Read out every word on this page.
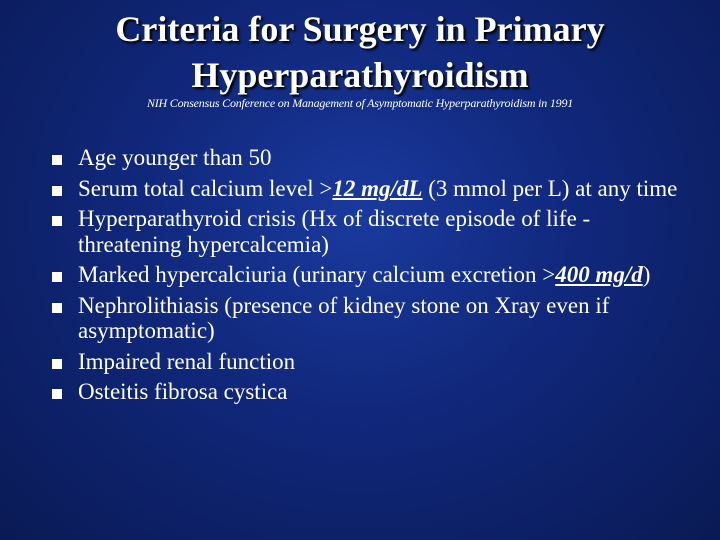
Criteria for Surgery in Primary Hyperparathyroidism
NIH Consensus Conference on Management of Asymptomatic Hyperparathyroidism in 1991
Age younger than 50
Serum total calcium level >12 mg/dL (3 mmol per L) at any time
Hyperparathyroid crisis (Hx of discrete episode of life -threatening hypercalcemia)
Marked hypercalciuria (urinary calcium excretion >400 mg/d)
Nephrolithiasis (presence of kidney stone on Xray even if asymptomatic)
Impaired renal function
Osteitis fibrosa cystica
